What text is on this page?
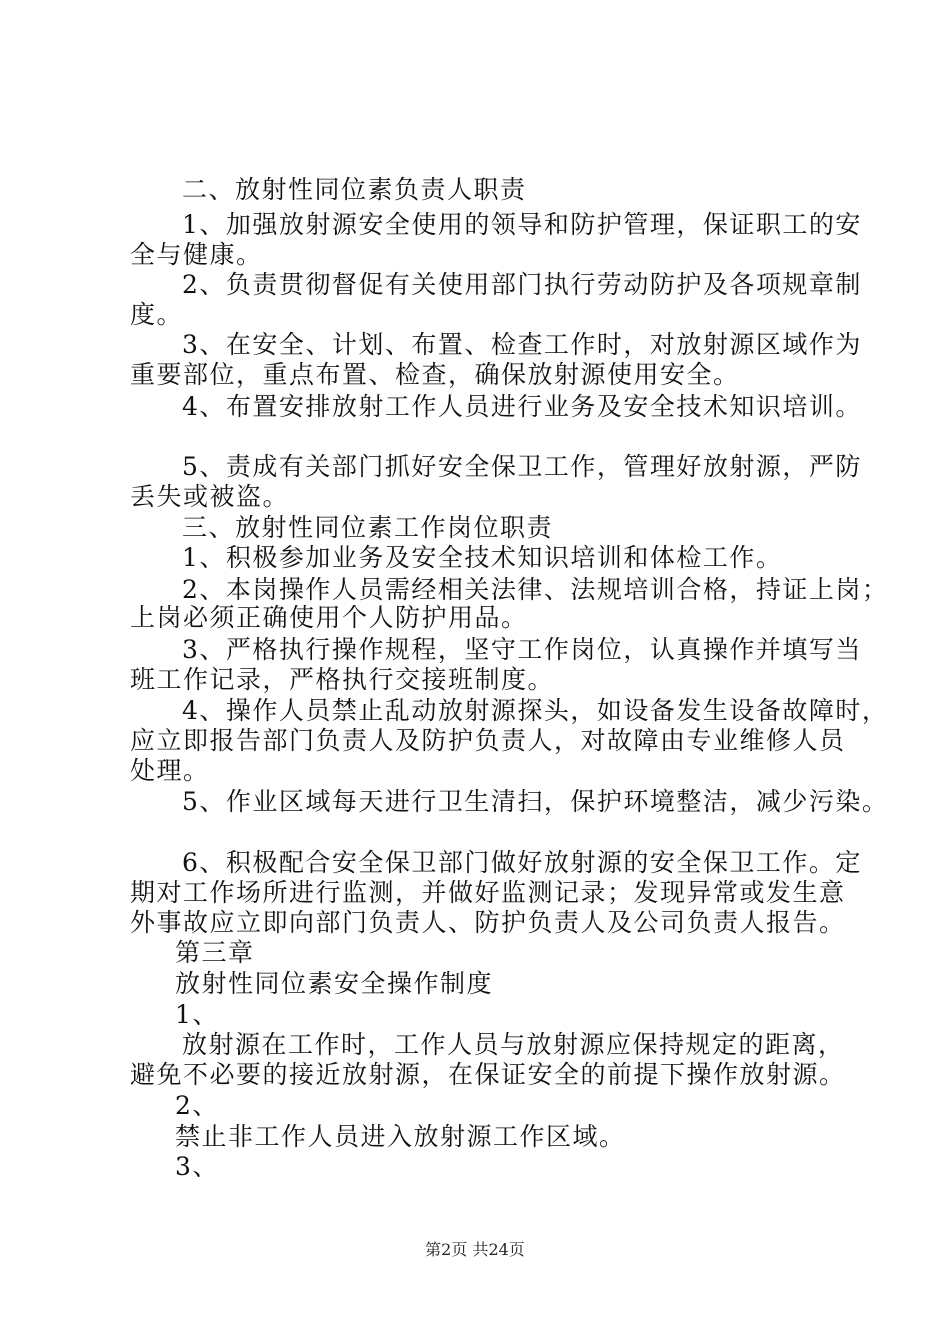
二、放射性同位素负责人职责
1、加强放射源安全使用的领导和防护管理，保证职工的安
全与健康。
2、负责贯彻督促有关使用部门执行劳动防护及各项规章制
度。
3、在安全、计划、布置、检查工作时，对放射源区域作为
重要部位，重点布置、检查，确保放射源使用安全。
4、布置安排放射工作人员进行业务及安全技术知识培训。
5、责成有关部门抓好安全保卫工作，管理好放射源，严防
丢失或被盗。
三、放射性同位素工作岗位职责
1、积极参加业务及安全技术知识培训和体检工作。
2、本岗操作人员需经相关法律、法规培训合格，持证上岗；
上岗必须正确使用个人防护用品。
3、严格执行操作规程，坚守工作岗位，认真操作并填写当
班工作记录，严格执行交接班制度。
4、操作人员禁止乱动放射源探头，如设备发生设备故障时，
应立即报告部门负责人及防护负责人，对故障由专业维修人员
处理。
5、作业区域每天进行卫生清扫，保护环境整洁，减少污染。
6、积极配合安全保卫部门做好放射源的安全保卫工作。定
期对工作场所进行监测，并做好监测记录；发现异常或发生意
外事故应立即向部门负责人、防护负责人及公司负责人报告。
第三章
放射性同位素安全操作制度
1、
放射源在工作时，工作人员与放射源应保持规定的距离，
避免不必要的接近放射源，在保证安全的前提下操作放射源。
2、
禁止非工作人员进入放射源工作区域。
3、
第2页 共24页
